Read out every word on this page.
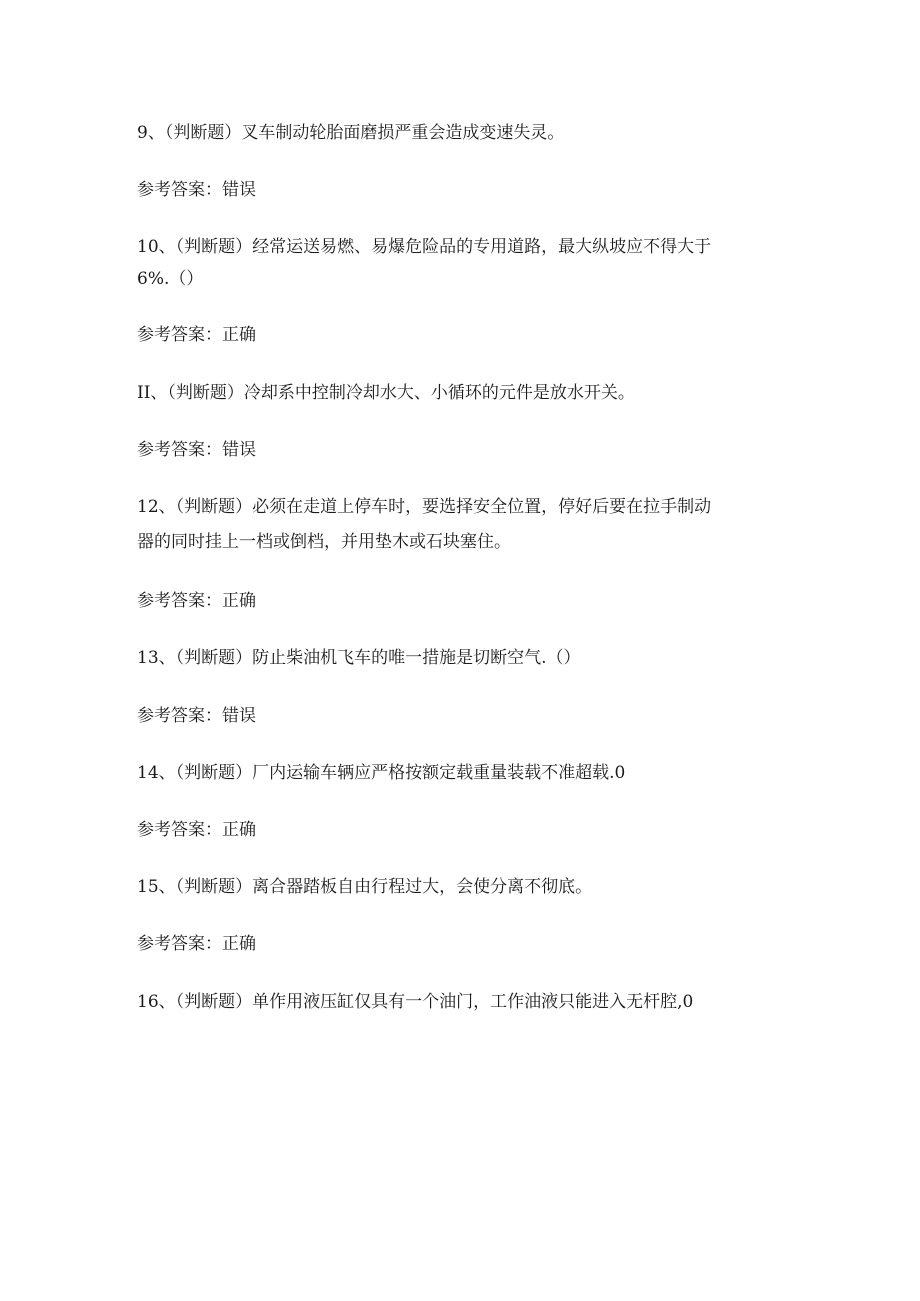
9、（判断题）叉车制动轮胎面磨损严重会造成变速失灵。
参考答案：错误
10、（判断题）经常运送易燃、易爆危险品的专用道路，最大纵坡应不得大于
6%.（）
参考答案：正确
II、（判断题）冷却系中控制冷却水大、小循环的元件是放水开关。
参考答案：错误
12、（判断题）必须在走道上停车时，要选择安全位置，停好后要在拉手制动
器的同时挂上一档或倒档，并用垫木或石块塞住。
参考答案：正确
13、（判断题）防止柴油机飞车的唯一措施是切断空气.（）
参考答案：错误
14、（判断题）厂内运输车辆应严格按额定载重量装载不准超载.0
参考答案：正确
15、（判断题）离合器踏板自由行程过大，会使分离不彻底。
参考答案：正确
16、（判断题）单作用液压缸仅具有一个油门，工作油液只能进入无杆腔,0
